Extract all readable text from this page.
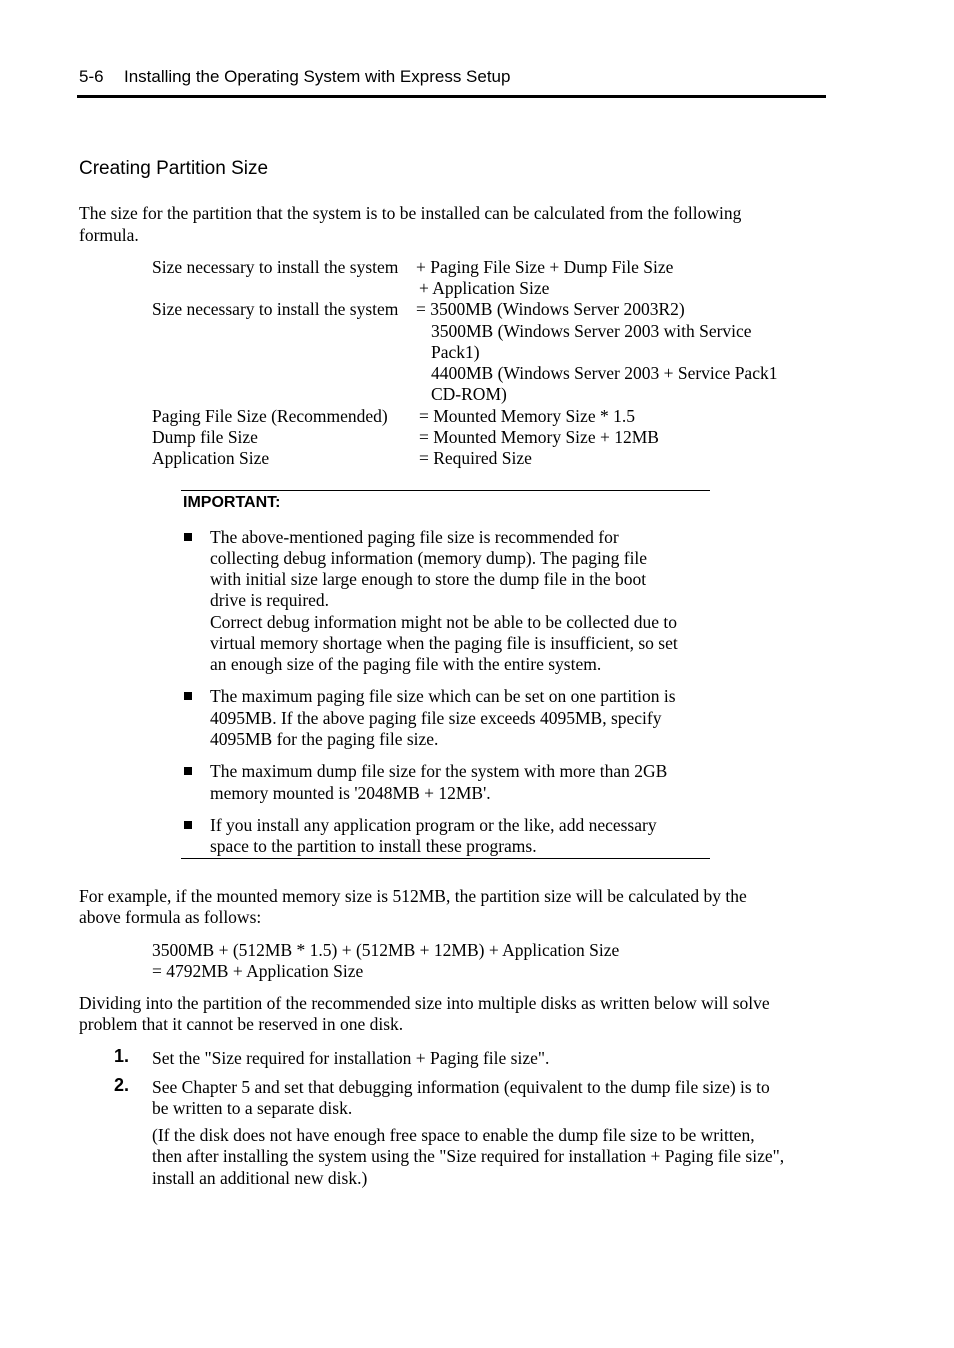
5-6 Installing the Operating System with Express Setup
Creating Partition Size
The size for the partition that the system is to be installed can be calculated from the following
formula.
Size necessary to install the system + Paging File Size + Dump File Size
+ Application Size
Size necessary to install the system = 3500MB (Windows Server 2003R2)
3500MB (Windows Server 2003 with Service
Pack1)
4400MB (Windows Server 2003 + Service Pack1
CD-ROM)
Paging File Size (Recommended) = Mounted Memory Size * 1.5
Dump file Size	= Mounted Memory Size + 12MB
Application Size	= Required Size
IMPORTANT:
The above-mentioned paging file size is recommended for
collecting debug information (memory dump). The paging file
with initial size large enough to store the dump file in the boot
drive is required.
Correct debug information might not be able to be collected due to
virtual memory shortage when the paging file is insufficient, so set
an enough size of the paging file with the entire system.
The maximum paging file size which can be set on one partition is
4095MB. If the above paging file size exceeds 4095MB, specify
4095MB for the paging file size.
The maximum dump file size for the system with more than 2GB
memory mounted is '2048MB + 12MB'.
If you install any application program or the like, add necessary
space to the partition to install these programs.
For example, if the mounted memory size is 512MB, the partition size will be calculated by the
above formula as follows:
3500MB + (512MB * 1.5) + (512MB + 12MB) + Application Size
= 4792MB + Application Size
Dividing into the partition of the recommended size into multiple disks as written below will solve
problem that it cannot be reserved in one disk.
1. Set the "Size required for installation + Paging file size".
2. See Chapter 5 and set that debugging information (equivalent to the dump file size) is to
be written to a separate disk.
(If the disk does not have enough free space to enable the dump file size to be written,
then after installing the system using the "Size required for installation + Paging file size",
install an additional new disk.)
